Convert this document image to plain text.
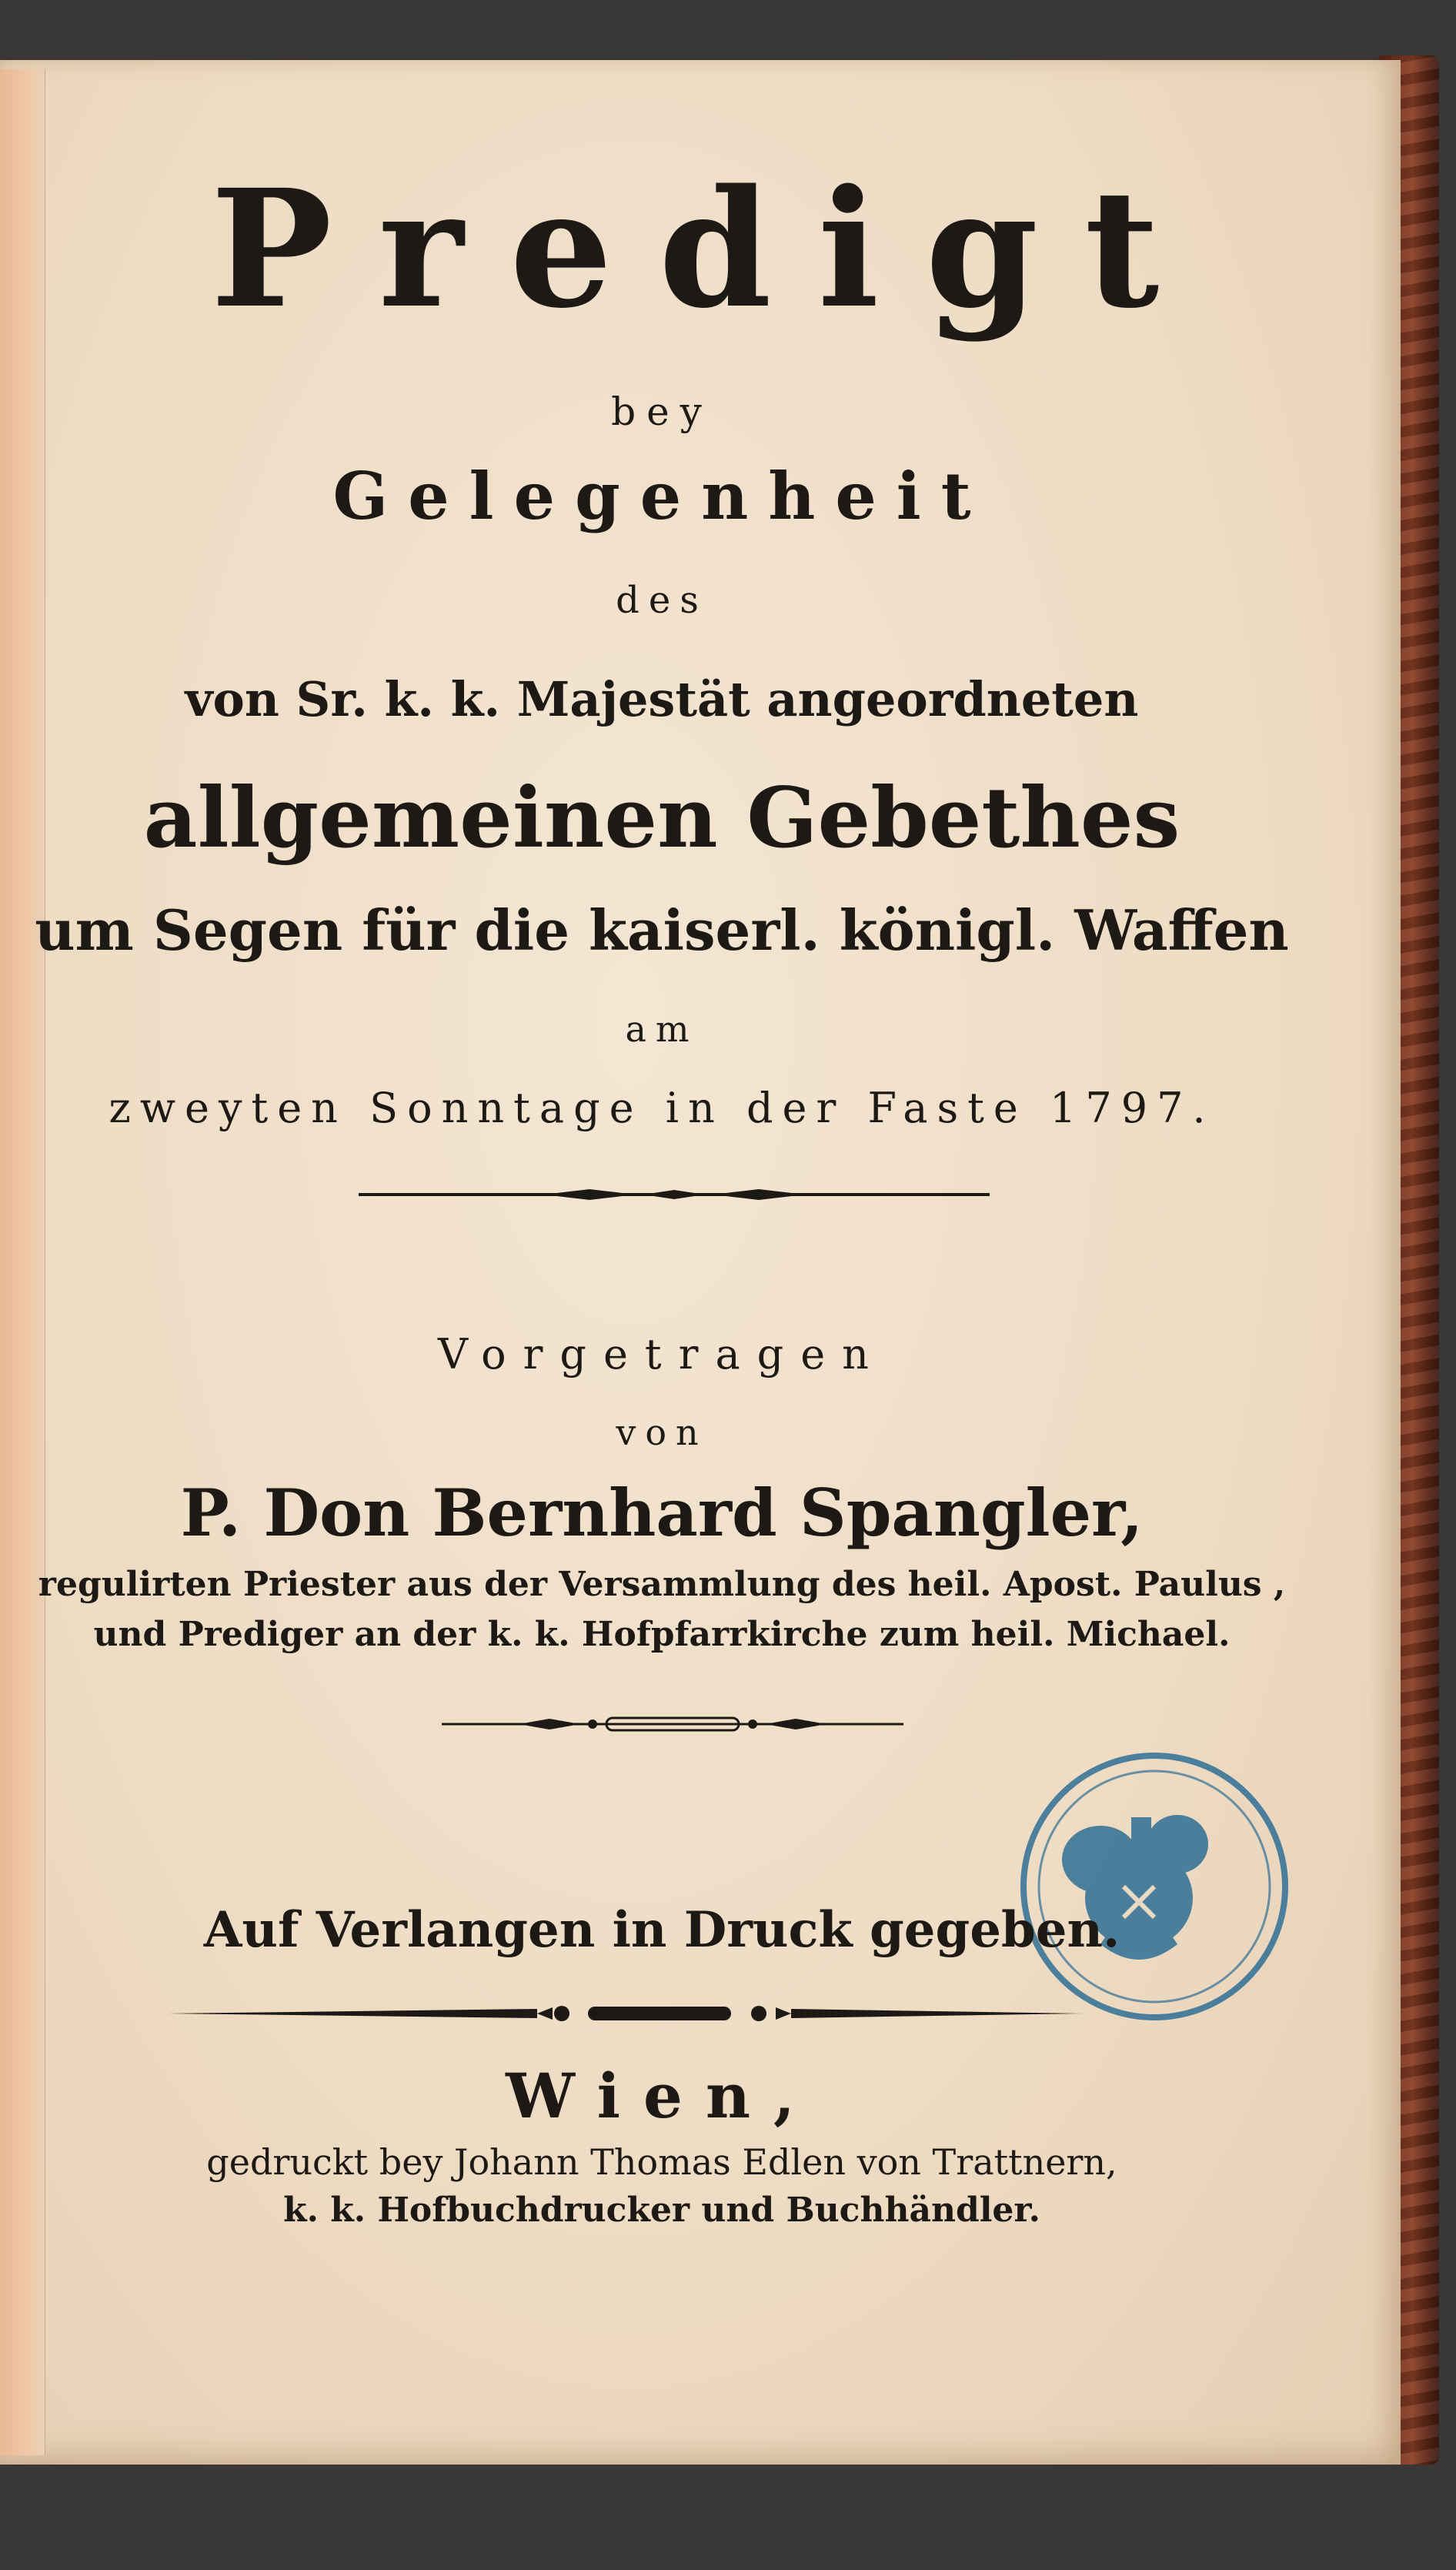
Predigt
bey
Gelegenheit
des
von Sr. k. k. Majestät angeordneten
allgemeinen Gebethes
um Segen für die kaiserl. königl. Waffen
am
zweyten Sonntage in der Faste 1797.
Vorgetragen
von
P. Don Bernhard Spangler,
regulirten Priester aus der Versammlung des heil. Apost. Paulus ,
und Prediger an der k. k. Hofpfarrkirche zum heil. Michael.
Auf Verlangen in Druck gegeben.
Wien,
gedruckt bey Johann Thomas Edlen von Trattnern,
k. k. Hofbuchdrucker und Buchhändler.
